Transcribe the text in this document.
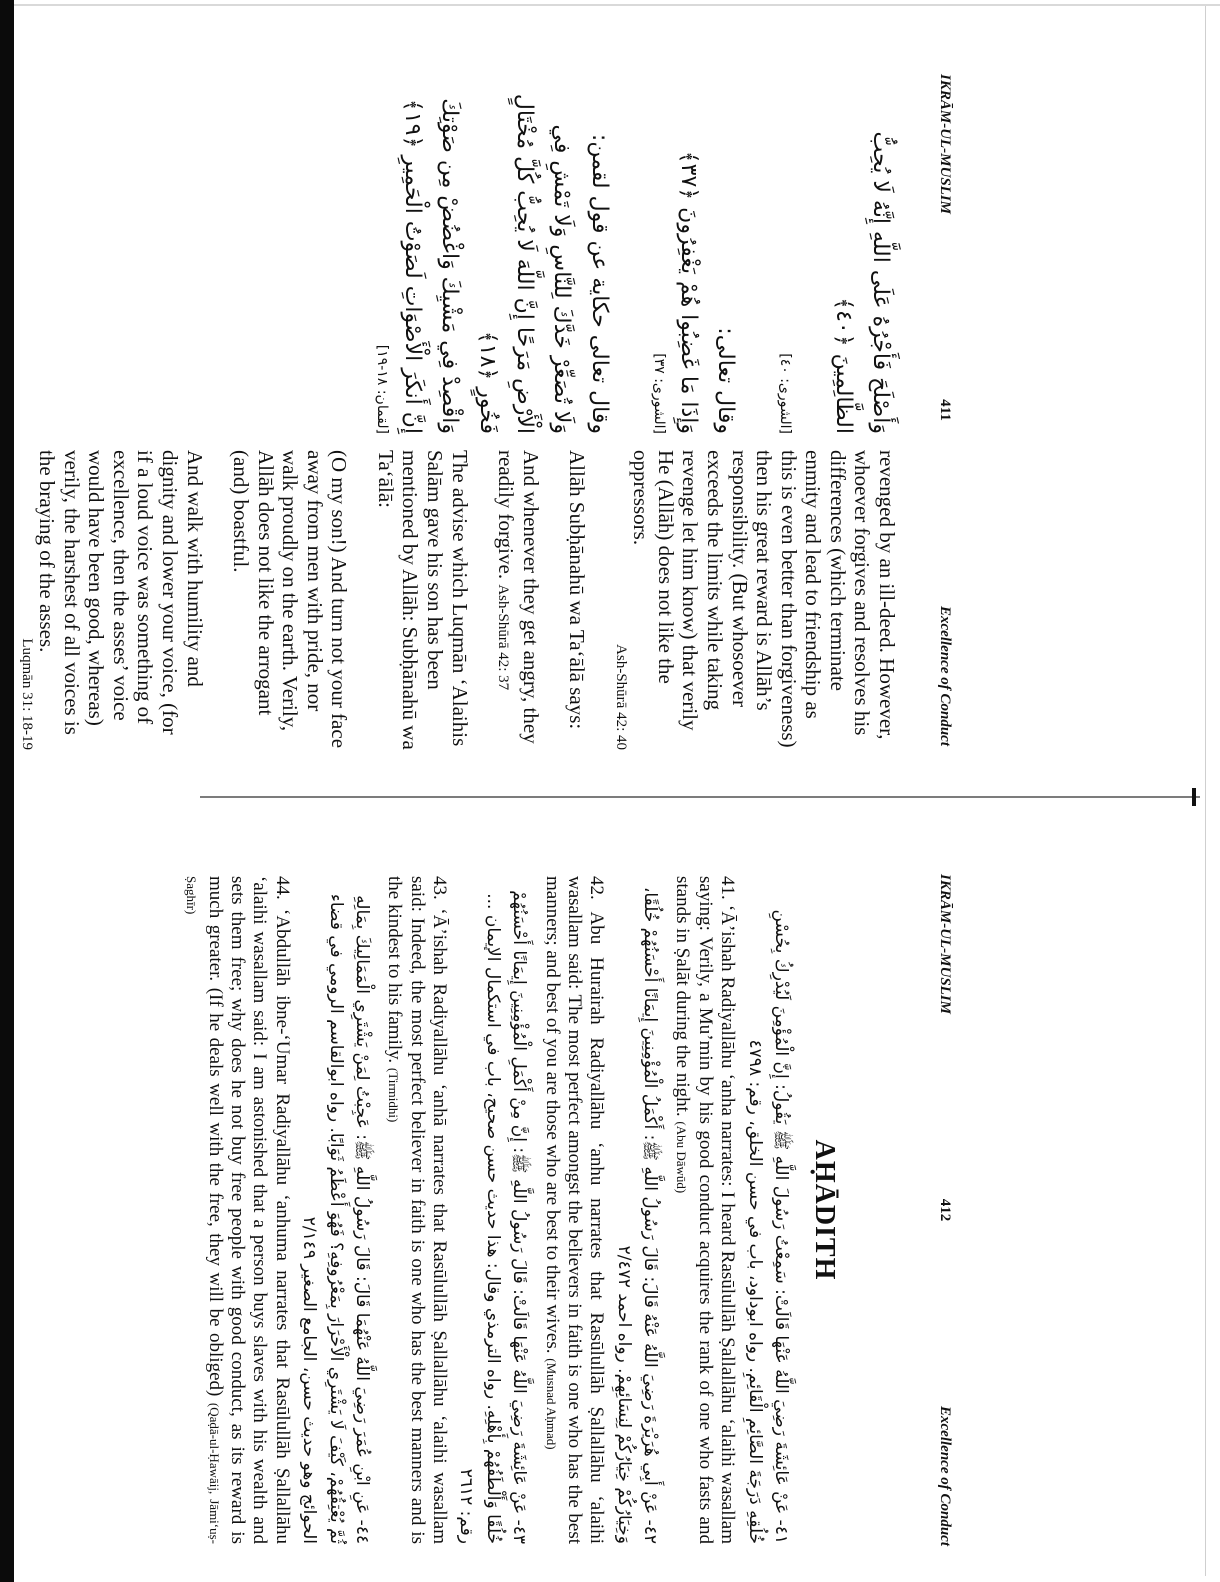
IKRĀM-UL-MUSLIM
411
Excellence of Conduct
وَأَصْلَحَ فَأَجْرُهُ عَلَى اللَّهِ إِنَّهُ لَا يُحِبُّ الظَّالِمِينَ ﴿٤٠﴾
[الشورى: ٤٠]
وقال تعالى:
وَإِذَا مَا غَضِبُوا هُمْ يَغْفِرُونَ ﴿٣٧﴾
[الشورى: ٣٧]
وقال تعالى حكاية عن قول لقمن:
وَلَا تُصَعِّرْ خَدَّكَ لِلنَّاسِ وَلَا تَمْشِ فِي الْأَرْضِ مَرَحًا إِنَّ اللَّهَ لَا يُحِبُّ كُلَّ مُخْتَالٍ فَخُورٍ ﴿١٨﴾
وَاقْصِدْ فِي مَشْيِكَ وَاغْضُضْ مِن صَوْتِكَ إِنَّ أَنكَرَ الْأَصْوَاتِ لَصَوْتُ الْحَمِيرِ ﴿١٩﴾
[لقمان: ١٨-١٩]

revenged by an ill-deed. However, whoever forgives and resolves his differences (which terminate enmity and lead to friendship as this is even better than forgiveness) then his great reward is Allāh’s responsibility. (But whosoever exceeds the limits while taking revenge let him know) that verily He (Allāh) does not like the oppressors.

Ash-Shūrā 42: 40

Allāh Subḥānahū wa Ta‘ālā says:

And whenever they get angry, they readily forgive. Ash-Shūrā 42: 37

The advise which Luqmān ‘Alaihis Salām gave his son has been mentioned by Allāh: Subḥānahū wa Ta‘ālā:

(O my son!) And turn not your face away from men with pride, nor walk proudly on the earth. Verily, Allāh does not like the arrogant (and) boastful.

And walk with humility and dignity and lower your voice, (for if a loud voice was something of excellence, then the asses’ voice would have been good, whereas) verily, the harshest of all voices is the braying of the asses.

Luqmān 31: 18-19

IKRĀM-UL-MUSLIM
412
Excellence of Conduct
AḤĀDITH
٤١- عَنْ عَائِشَةَ رَضِيَ اللَّهُ عَنْهَا قَالَتْ: سَمِعْتُ رَسُولَ اللَّهِ ﷺ يَقُولُ: إِنَّ الْمُؤْمِنَ لَيُدْرِكُ بِحُسْنِ خُلُقِهِ دَرَجَةَ الصَّائِمِ الْقَائِمِ. رواه ابوداود، باب في حسن الخلق، رقم: ٤٧٩٨
41. ‘Ā’ishah Radiyallāhu ‘anha narrates: I heard Rasūlullāh Ṣallallāhu ‘alaihi wasallam saying: Verily, a Mu’min by his good conduct acquires the rank of one who fasts and stands in Ṣalāt during the night. (Abu Dāwūd)
٤٢- عَنْ أَبِي هُرَيْرَةَ رَضِيَ اللَّهُ عَنْهُ قَالَ: قَالَ رَسُولُ اللَّهِ ﷺ: أَكْمَلُ الْمُؤْمِنِينَ إِيمَانًا أَحْسَنُهُمْ خُلُقًا، وَخِيَارُكُمْ خِيَارُكُمْ لِنِسَائِهِمْ. رواه احمد ٢/٤٧٢
42. Abu Hurairah Radiyallāhu ‘anhu narrates that Rasūlullāh Ṣallallāhu ‘alaihi wasallam said: The most perfect amongst the believers in faith is one who has the best manners; and best of you are those who are best to their wives. (Musnad Aḥmad)
٤٣- عَنْ عَائِشَةَ رَضِيَ اللَّهُ عَنْهَا قَالَتْ: قَالَ رَسُولُ اللَّهِ ﷺ: إِنَّ مِنْ أَكْمَلِ الْمُؤْمِنِينَ إِيمَانًا أَحْسَنُهُمْ خُلُقًا وَأَلْطَفُهُمْ بِأَهْلِهِ. رواه الترمذي وقال: هذا حديث حسن صحيح، باب في استكمال الإيمان ... رقم: ٢٦١٢
43. ‘Ā’ishah Radiyallāhu ‘anhā narrates that Rasūlullāh Ṣallallāhu ‘alaihi wasallam said: Indeed, the most perfect believer in faith is one who has the best manners and is the kindest to his family. (Tirmidhi)
٤٤- عَنِ ابْنِ عُمَرَ رَضِيَ اللَّهُ عَنْهُمَا قَالَ: قَالَ رَسُولُ اللَّهِ ﷺ: عَجِبْتُ لِمَنْ يَشْتَرِي الْمَمَالِيكَ بِمَالِهِ ثُمَّ يُعْتِقُهُمْ، كَيْفَ لَا يَشْتَرِي الْأَحْرَارَ بِمَعْرُوفِهِ؟ فَهُوَ أَعْظَمُ ثَوَابًا. رواه ابوالقاسم الرومي في قضاء الحوائج وهو حديث حسن، الجامع الصغير ٢/١٤٩
44. ‘Abdullāh ibne-‘Umar Radiyallāhu ‘anhuma narrates that Rasūlullāh Ṣallallāhu ‘alaihi wasallam said: I am astonished that a person buys slaves with his wealth and sets them free; why does he not buy free people with good conduct, as its reward is much greater. (If he deals well with the free, they will be obliged) (Qaḍā-ul-Ḥawāij, Jāmi‘uṣ-Ṣaghīr)
